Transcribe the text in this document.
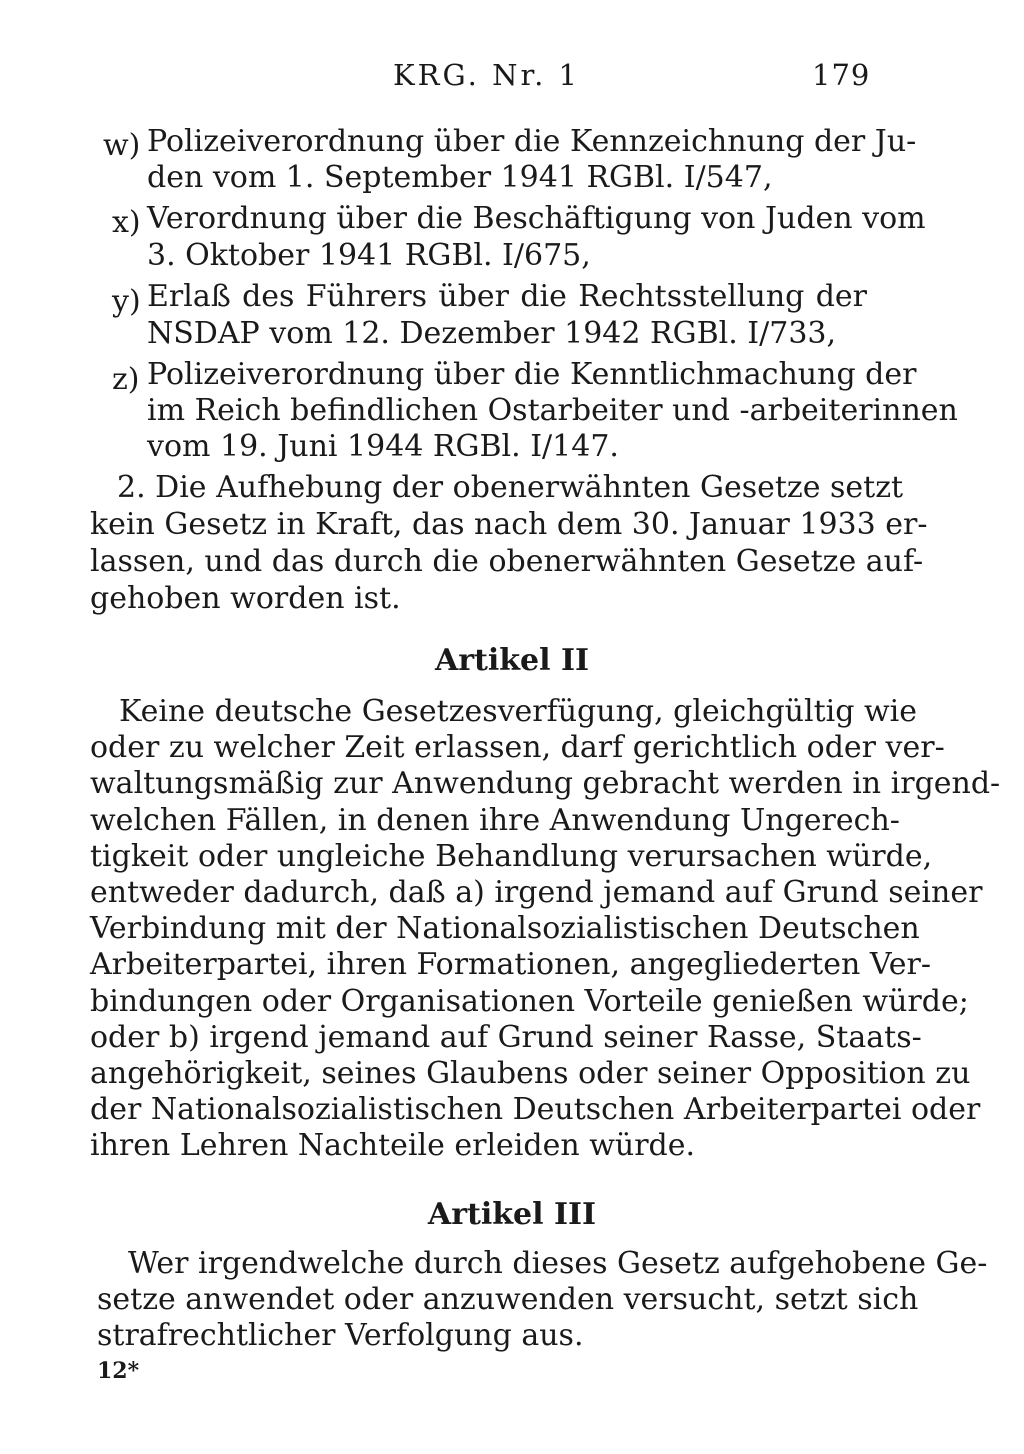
KRG. Nr. 1	179
w) Polizeiverordnung über die Kennzeichnung der Ju-
den vom 1. September 1941 RGBl. I/547,
x) Verordnung über die Beschäftigung von Juden vom
3. Oktober 1941 RGBl. I/675,
y) Erlaß des Führers über die Rechtsstellung der
NSDAP vom 12. Dezember 1942 RGBl. I/733,
z) Polizeiverordnung über die Kenntlichmachung der
im Reich befindlichen Ostarbeiter und -arbeiterinnen
vom 19. Juni 1944 RGBl. I/147.
2. Die Aufhebung der obenerwähnten Gesetze setzt
kein Gesetz in Kraft, das nach dem 30. Januar 1933 er-
lassen, und das durch die obenerwähnten Gesetze auf-
gehoben worden ist.
Artikel II
Keine deutsche Gesetzesverfügung, gleichgültig wie
oder zu welcher Zeit erlassen, darf gerichtlich oder ver-
waltungsmäßig zur Anwendung gebracht werden in irgend-
welchen Fällen, in denen ihre Anwendung Ungerech-
tigkeit oder ungleiche Behandlung verursachen würde,
entweder dadurch, daß a) irgend jemand auf Grund seiner
Verbindung mit der Nationalsozialistischen Deutschen
Arbeiterpartei, ihren Formationen, angegliederten Ver-
bindungen oder Organisationen Vorteile genießen würde;
oder b) irgend jemand auf Grund seiner Rasse, Staats-
angehörigkeit, seines Glaubens oder seiner Opposition zu
der Nationalsozialistischen Deutschen Arbeiterpartei oder
ihren Lehren Nachteile erleiden würde.
Artikel III
Wer irgendwelche durch dieses Gesetz aufgehobene Ge-
setze anwendet oder anzuwenden versucht, setzt sich
strafrechtlicher Verfolgung aus.
12*
